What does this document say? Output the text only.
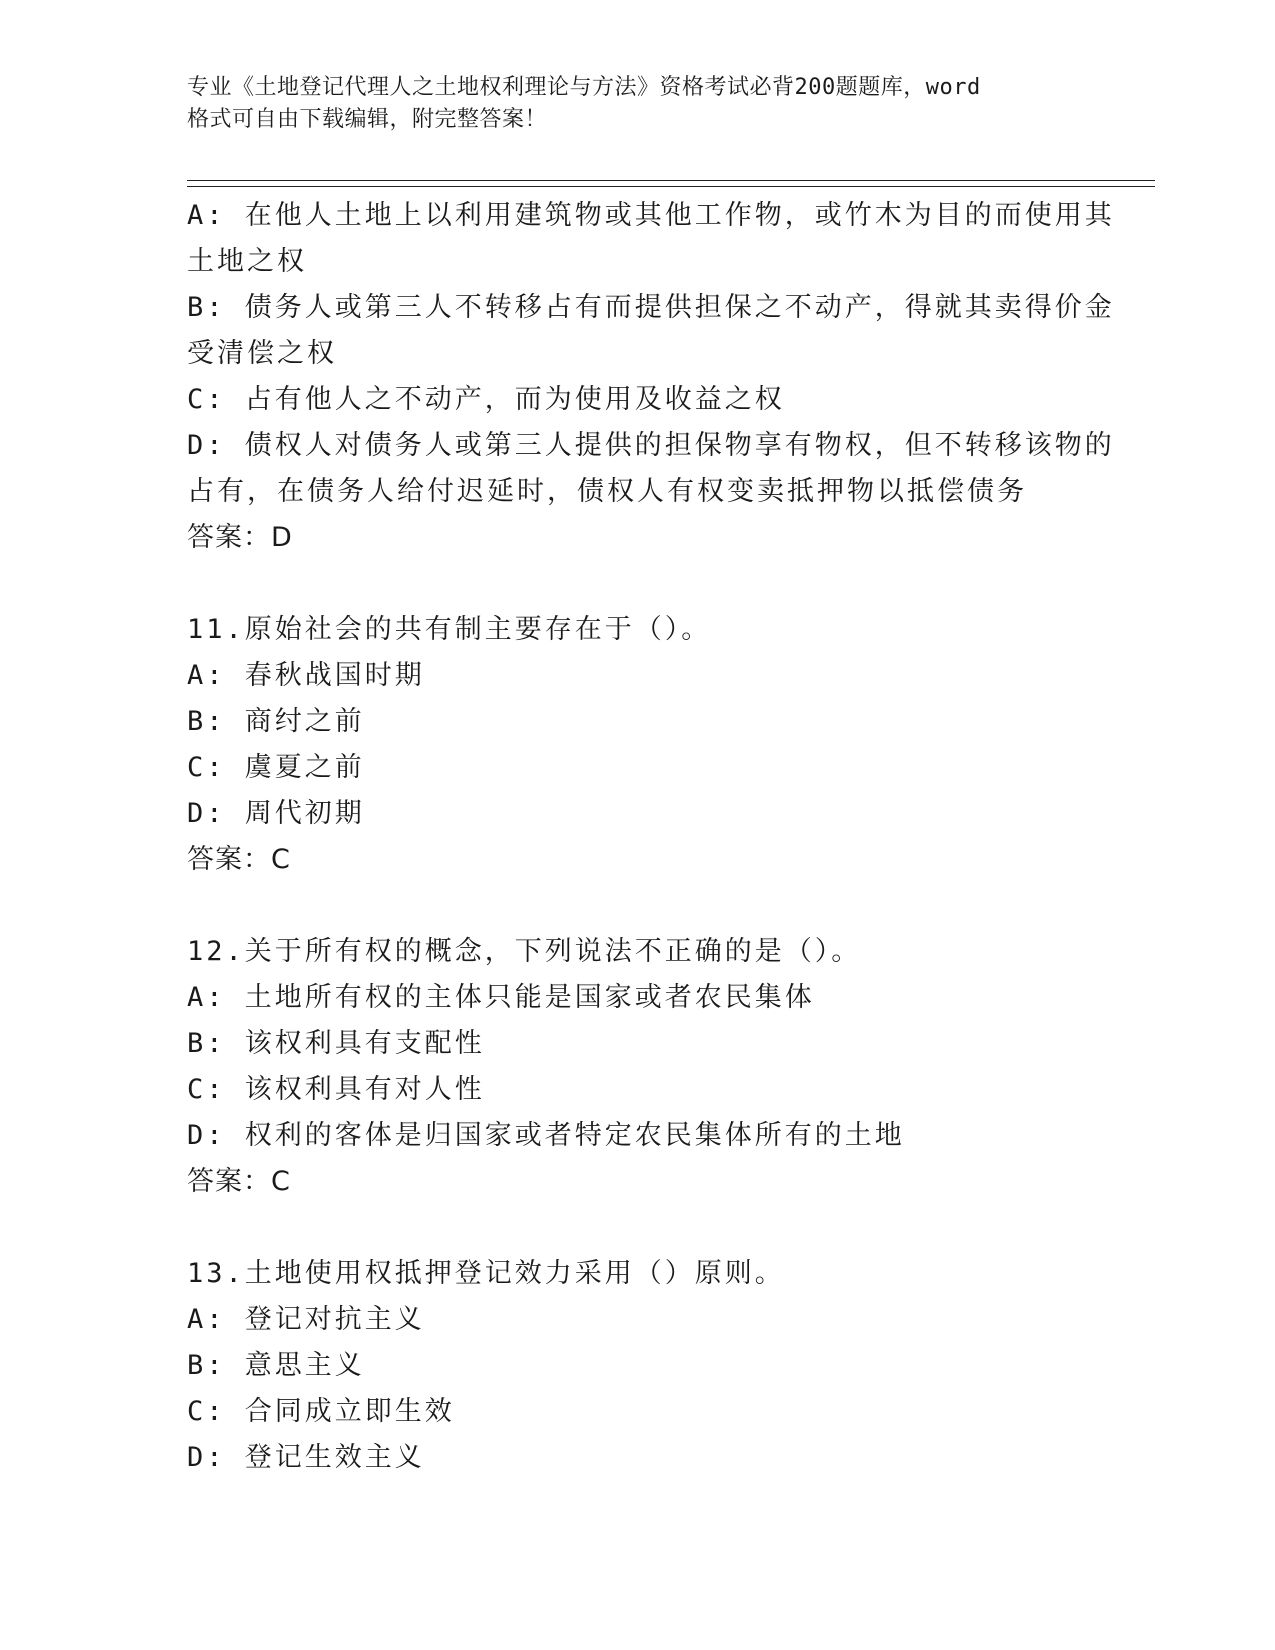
专业《土地登记代理人之土地权利理论与方法》资格考试必背200题题库，word
格式可自由下载编辑，附完整答案！
A: 在他人土地上以利用建筑物或其他工作物，或竹木为目的而使用其
土地之权
B: 债务人或第三人不转移占有而提供担保之不动产，得就其卖得价金
受清偿之权
C: 占有他人之不动产，而为使用及收益之权
D: 债权人对债务人或第三人提供的担保物享有物权，但不转移该物的
占有，在债务人给付迟延时，债权人有权变卖抵押物以抵偿债务
答案：D
11.原始社会的共有制主要存在于（）。
A: 春秋战国时期
B: 商纣之前
C: 虞夏之前
D: 周代初期
答案：C
12.关于所有权的概念，下列说法不正确的是（）。
A: 土地所有权的主体只能是国家或者农民集体
B: 该权利具有支配性
C: 该权利具有对人性
D: 权利的客体是归国家或者特定农民集体所有的土地
答案：C
13.土地使用权抵押登记效力采用（）原则。
A: 登记对抗主义
B: 意思主义
C: 合同成立即生效
D: 登记生效主义
